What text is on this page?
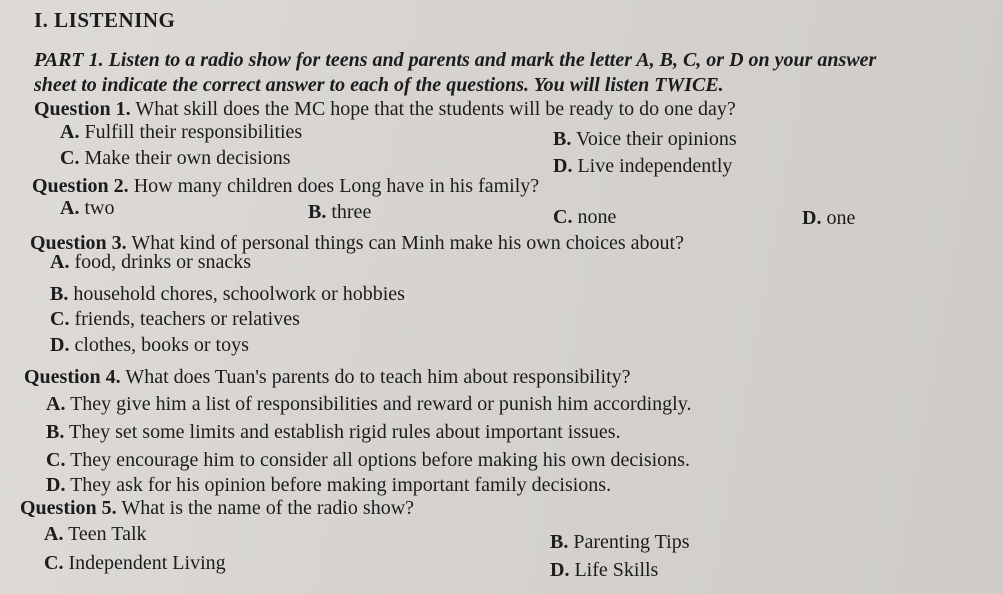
I. LISTENING
PART 1. Listen to a radio show for teens and parents and mark the letter A, B, C, or D on your answer
sheet to indicate the correct answer to each of the questions. You will listen TWICE.
Question 1. What skill does the MC hope that the students will be ready to do one day?
A. Fulfill their responsibilities	B. Voice their opinions
C. Make their own decisions	D. Live independently
Question 2. How many children does Long have in his family?
A. two	B. three	C. none	D. one
Question 3. What kind of personal things can Minh make his own choices about?
A. food, drinks or snacks
B. household chores, schoolwork or hobbies
C. friends, teachers or relatives
D. clothes, books or toys
Question 4. What does Tuan's parents do to teach him about responsibility?
A. They give him a list of responsibilities and reward or punish him accordingly.
B. They set some limits and establish rigid rules about important issues.
C. They encourage him to consider all options before making his own decisions.
D. They ask for his opinion before making important family decisions.
Question 5. What is the name of the radio show?
A. Teen Talk	B. Parenting Tips
C. Independent Living	D. Life Skills
